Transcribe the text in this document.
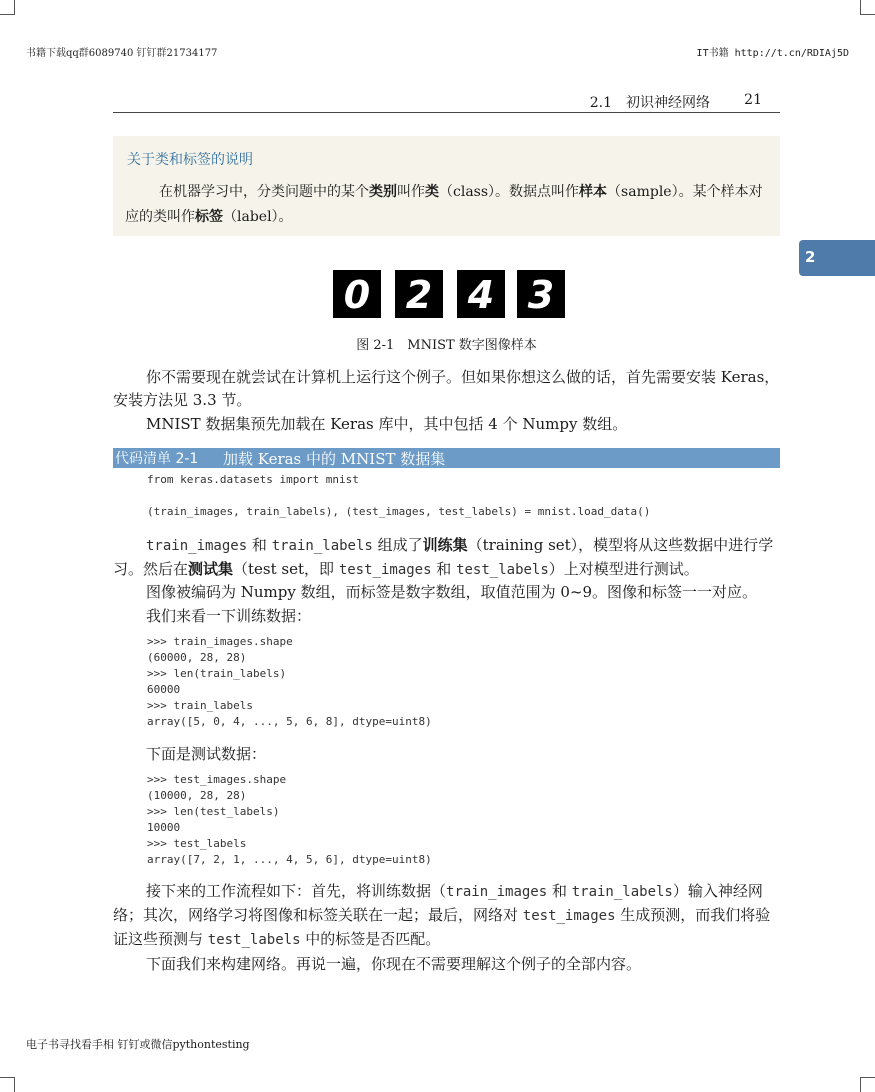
书籍下载qq群6089740 钉钉群21734177	IT书籍 http://t.cn/RDIAj5D
2.1　初识神经网络 21
关于类和标签的说明
在机器学习中，分类问题中的某个类别叫作类（class）。数据点叫作样本（sample）。某个样本对应的类叫作标签（label）。
2
0 2 4 3
图 2-1　MNIST 数字图像样本
你不需要现在就尝试在计算机上运行这个例子。但如果你想这么做的话，首先需要安装 Keras，安装方法见 3.3 节。
MNIST 数据集预先加载在 Keras 库中，其中包括 4 个 Numpy 数组。
代码清单 2-1 加载 Keras 中的 MNIST 数据集
from keras.datasets import mnist

(train_images, train_labels), (test_images, test_labels) = mnist.load_data()
train_images 和 train_labels 组成了训练集（training set），模型将从这些数据中进行学习。然后在测试集（test set，即 test_images 和 test_labels）上对模型进行测试。
图像被编码为 Numpy 数组，而标签是数字数组，取值范围为 0~9。图像和标签一一对应。
我们来看一下训练数据：
>>> train_images.shape
(60000, 28, 28)
>>> len(train_labels)
60000
>>> train_labels
array([5, 0, 4, ..., 5, 6, 8], dtype=uint8)
下面是测试数据：
>>> test_images.shape
(10000, 28, 28)
>>> len(test_labels)
10000
>>> test_labels
array([7, 2, 1, ..., 4, 5, 6], dtype=uint8)
接下来的工作流程如下：首先，将训练数据（train_images 和 train_labels）输入神经网络；其次，网络学习将图像和标签关联在一起；最后，网络对 test_images 生成预测，而我们将验证这些预测与 test_labels 中的标签是否匹配。
下面我们来构建网络。再说一遍，你现在不需要理解这个例子的全部内容。
电子书寻找看手相 钉钉或微信pythontesting
